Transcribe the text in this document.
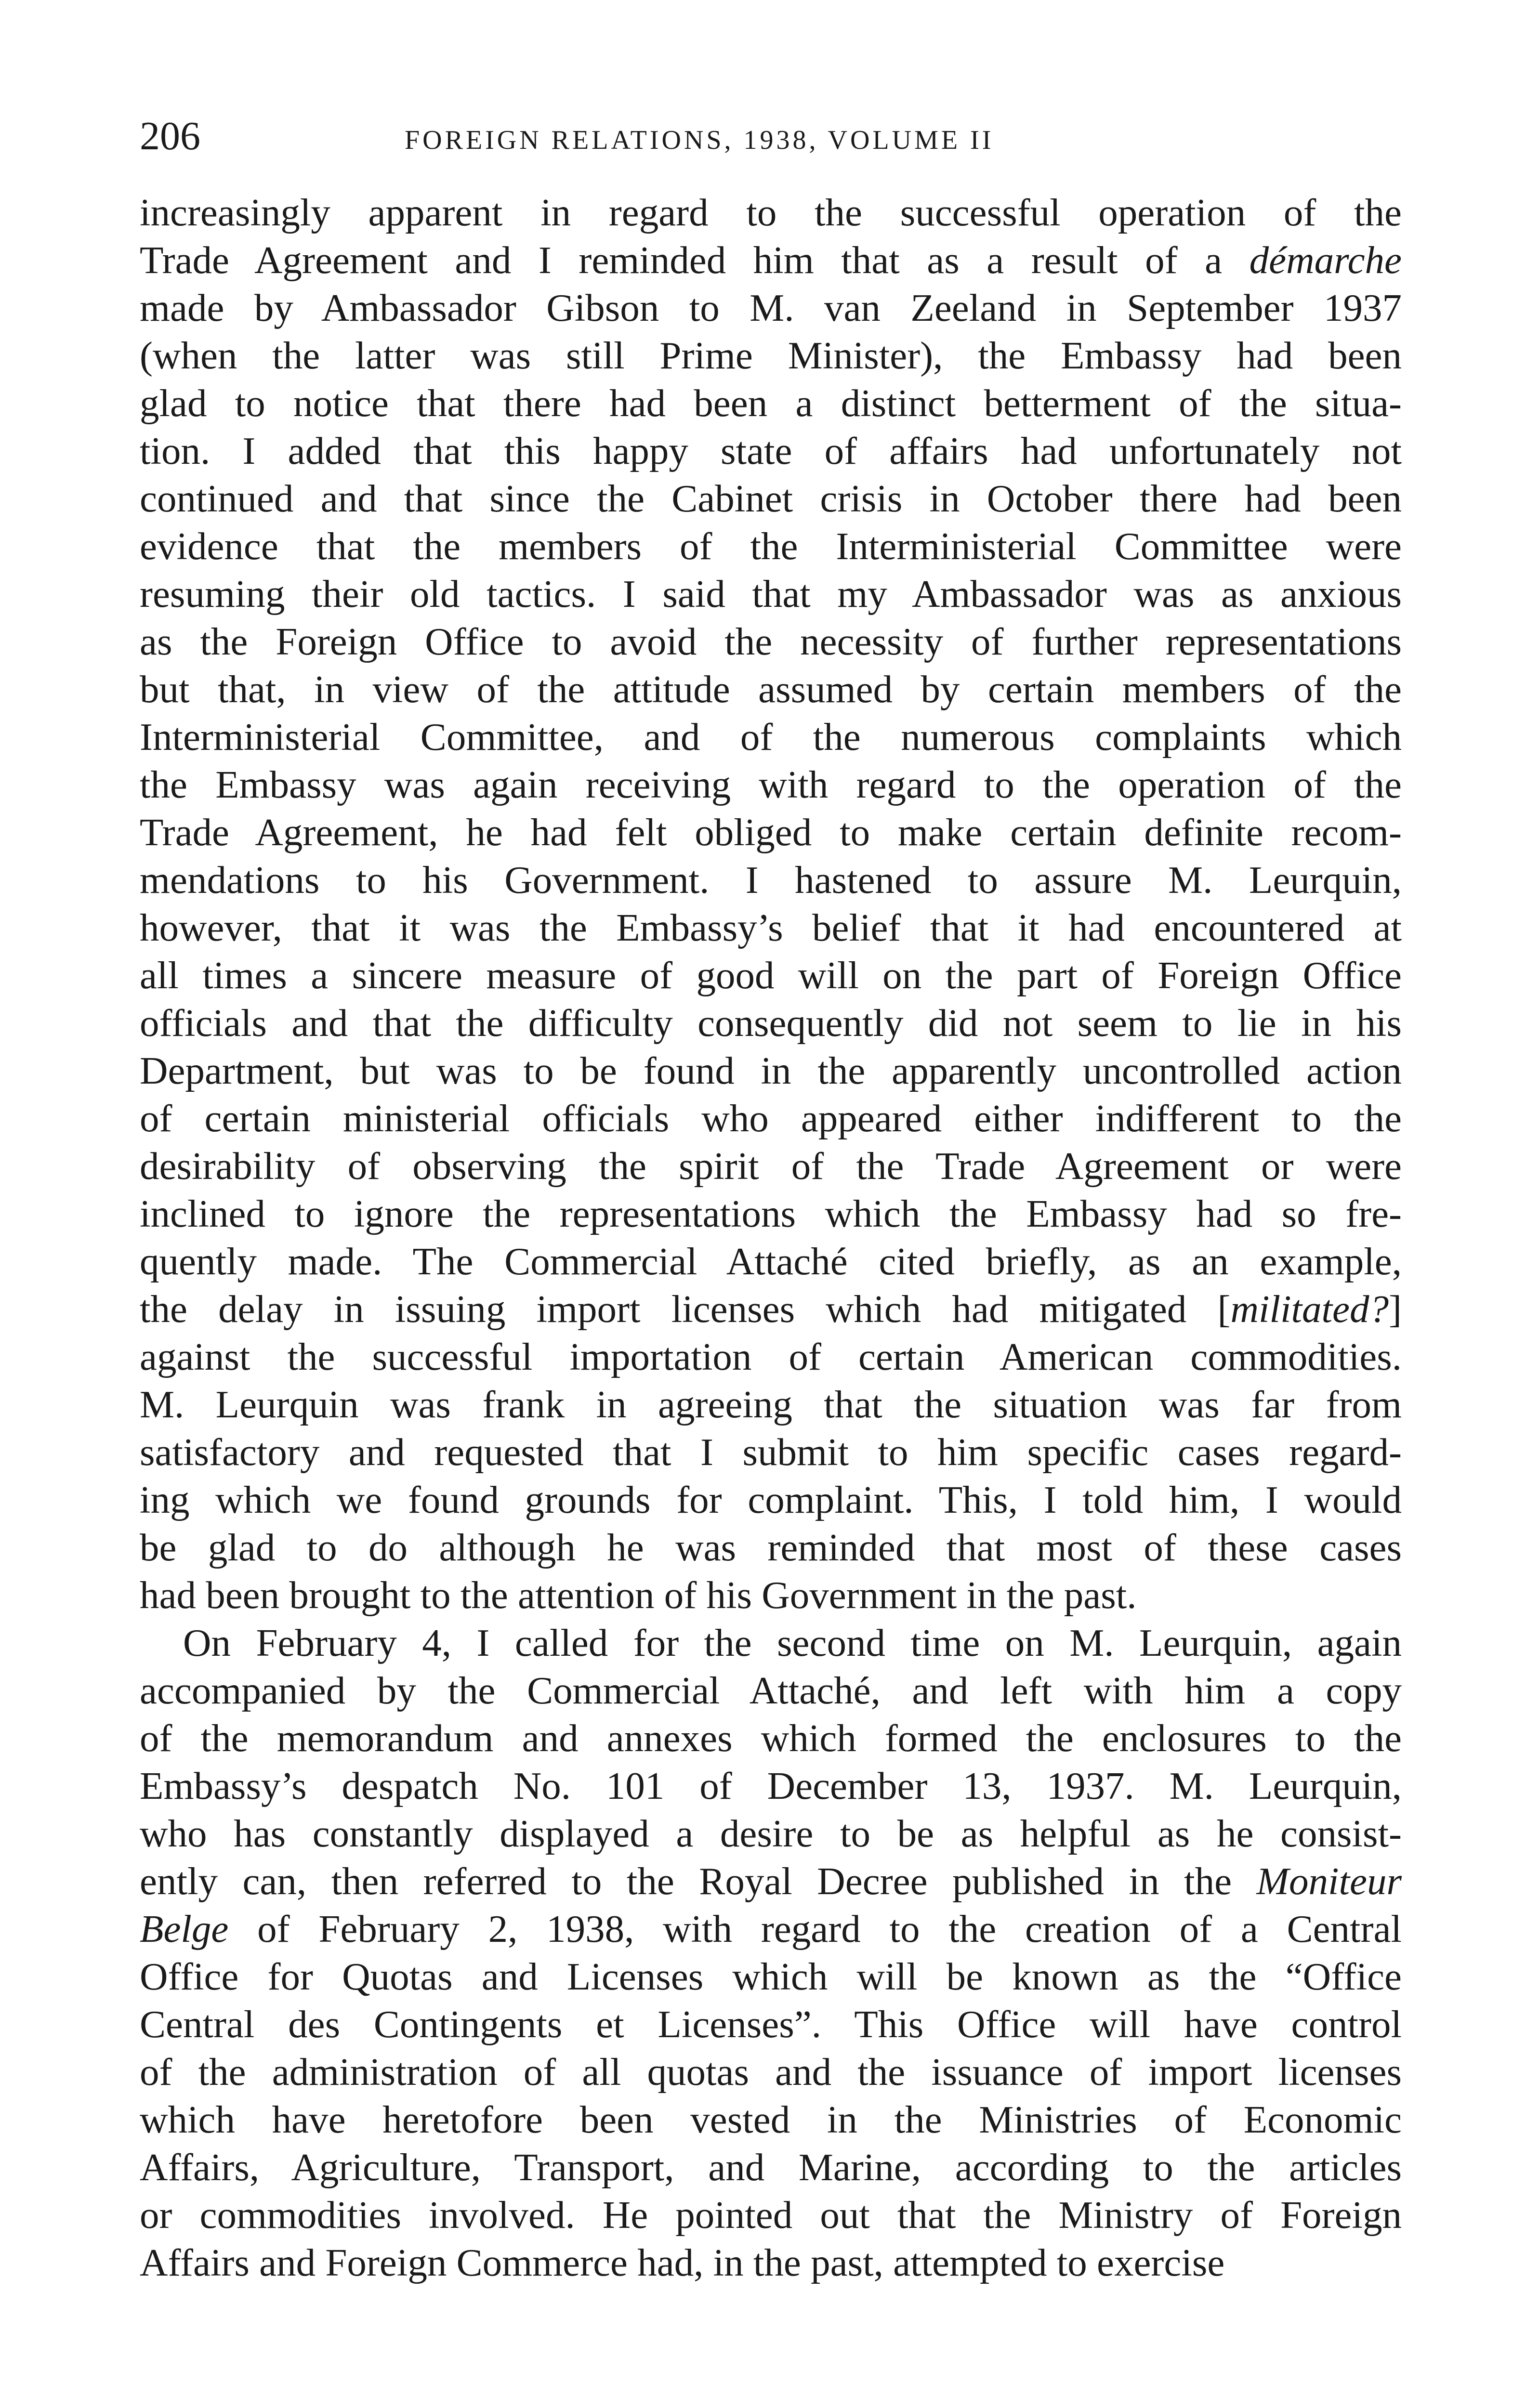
206	FOREIGN RELATIONS, 1938, VOLUME II
increasingly apparent in regard to the successful operation of the
Trade Agreement and I reminded him that as a result of a démarche
made by Ambassador Gibson to M. van Zeeland in September 1937
(when the latter was still Prime Minister), the Embassy had been
glad to notice that there had been a distinct betterment of the situa-
tion. I added that this happy state of affairs had unfortunately not
continued and that since the Cabinet crisis in October there had been
evidence that the members of the Interministerial Committee were
resuming their old tactics. I said that my Ambassador was as anxious
as the Foreign Office to avoid the necessity of further representations
but that, in view of the attitude assumed by certain members of the
Interministerial Committee, and of the numerous complaints which
the Embassy was again receiving with regard to the operation of the
Trade Agreement, he had felt obliged to make certain definite recom-
mendations to his Government. I hastened to assure M. Leurquin,
however, that it was the Embassy’s belief that it had encountered at
all times a sincere measure of good will on the part of Foreign Office
officials and that the difficulty consequently did not seem to lie in his
Department, but was to be found in the apparently uncontrolled action
of certain ministerial officials who appeared either indifferent to the
desirability of observing the spirit of the Trade Agreement or were
inclined to ignore the representations which the Embassy had so fre-
quently made. The Commercial Attaché cited briefly, as an example,
the delay in issuing import licenses which had mitigated [militated?]
against the successful importation of certain American commodities.
M. Leurquin was frank in agreeing that the situation was far from
satisfactory and requested that I submit to him specific cases regard-
ing which we found grounds for complaint. This, I told him, I would
be glad to do although he was reminded that most of these cases
had been brought to the attention of his Government in the past.
On February 4, I called for the second time on M. Leurquin, again
accompanied by the Commercial Attaché, and left with him a copy
of the memorandum and annexes which formed the enclosures to the
Embassy’s despatch No. 101 of December 13, 1937. M. Leurquin,
who has constantly displayed a desire to be as helpful as he consist-
ently can, then referred to the Royal Decree published in the Moniteur
Belge of February 2, 1938, with regard to the creation of a Central
Office for Quotas and Licenses which will be known as the “Office
Central des Contingents et Licenses”. This Office will have control
of the administration of all quotas and the issuance of import licenses
which have heretofore been vested in the Ministries of Economic
Affairs, Agriculture, Transport, and Marine, according to the articles
or commodities involved. He pointed out that the Ministry of Foreign
Affairs and Foreign Commerce had, in the past, attempted to exercise
